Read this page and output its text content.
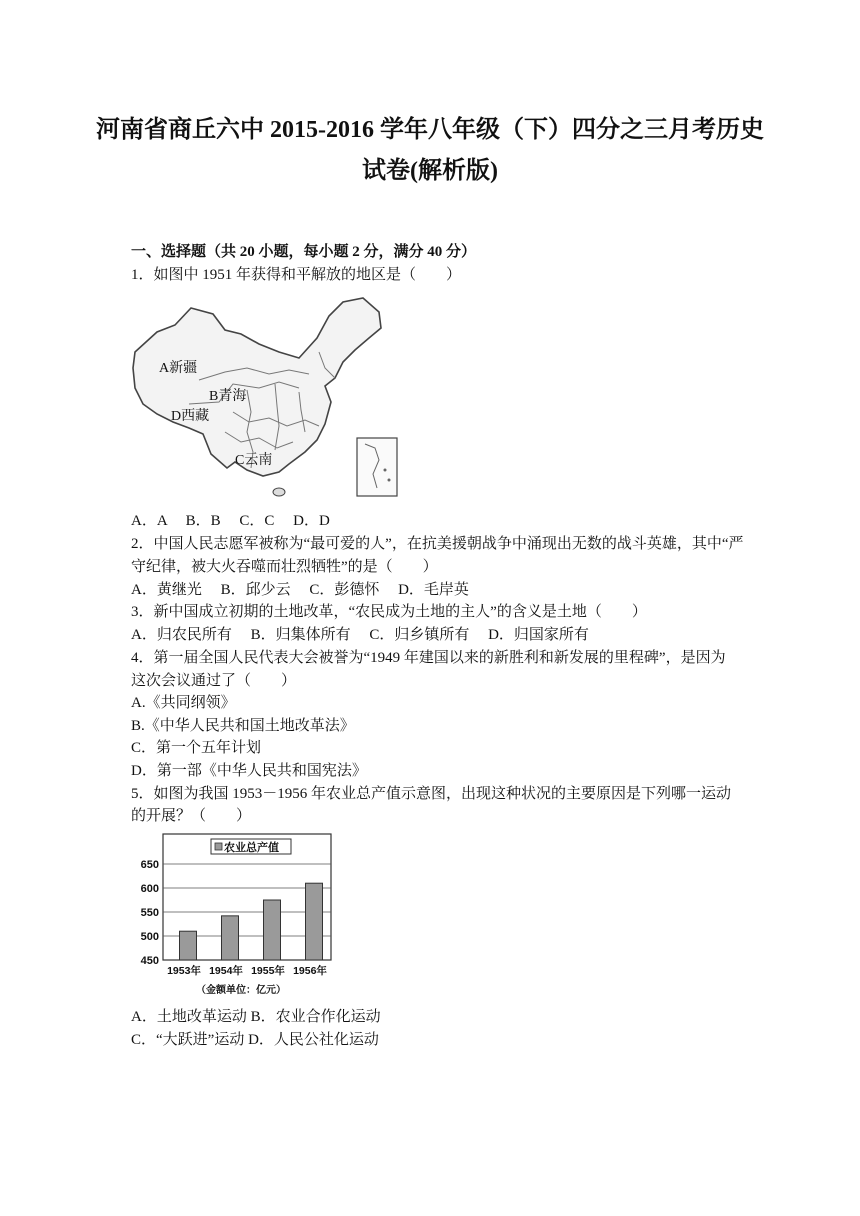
河南省商丘六中 2015-2016 学年八年级（下）四分之三月考历史
试卷(解析版)
一、选择题（共 20 小题，每小题 2 分，满分 40 分）
1．如图中 1951 年获得和平解放的地区是（　　）
A新疆
B青海
D西藏
C云南
A．A　 B．B　 C．C　 D．D
2．中国人民志愿军被称为“最可爱的人”，在抗美援朝战争中涌现出无数的战斗英雄，其中“严
守纪律，被大火吞噬而壮烈牺牲”的是（　　）
A．黄继光　 B．邱少云　 C．彭德怀　 D．毛岸英
3．新中国成立初期的土地改革，“农民成为土地的主人”的含义是土地（　　）
A．归农民所有　 B．归集体所有　 C．归乡镇所有　 D．归国家所有
4．第一届全国人民代表大会被誉为“1949 年建国以来的新胜利和新发展的里程碑”，是因为
这次会议通过了（　　）
A.《共同纲领》
B.《中华人民共和国土地改革法》
C．第一个五年计划
D．第一部《中华人民共和国宪法》
5．如图为我国 1953－1956 年农业总产值示意图，出现这种状况的主要原因是下列哪一运动
的开展？（　　）
农业总产值
650
600
550
500
450
1953年 1954年 1955年 1956年
（金额单位：亿元）
A．土地改革运动 B．农业合作化运动
C．“大跃进”运动 D．人民公社化运动
